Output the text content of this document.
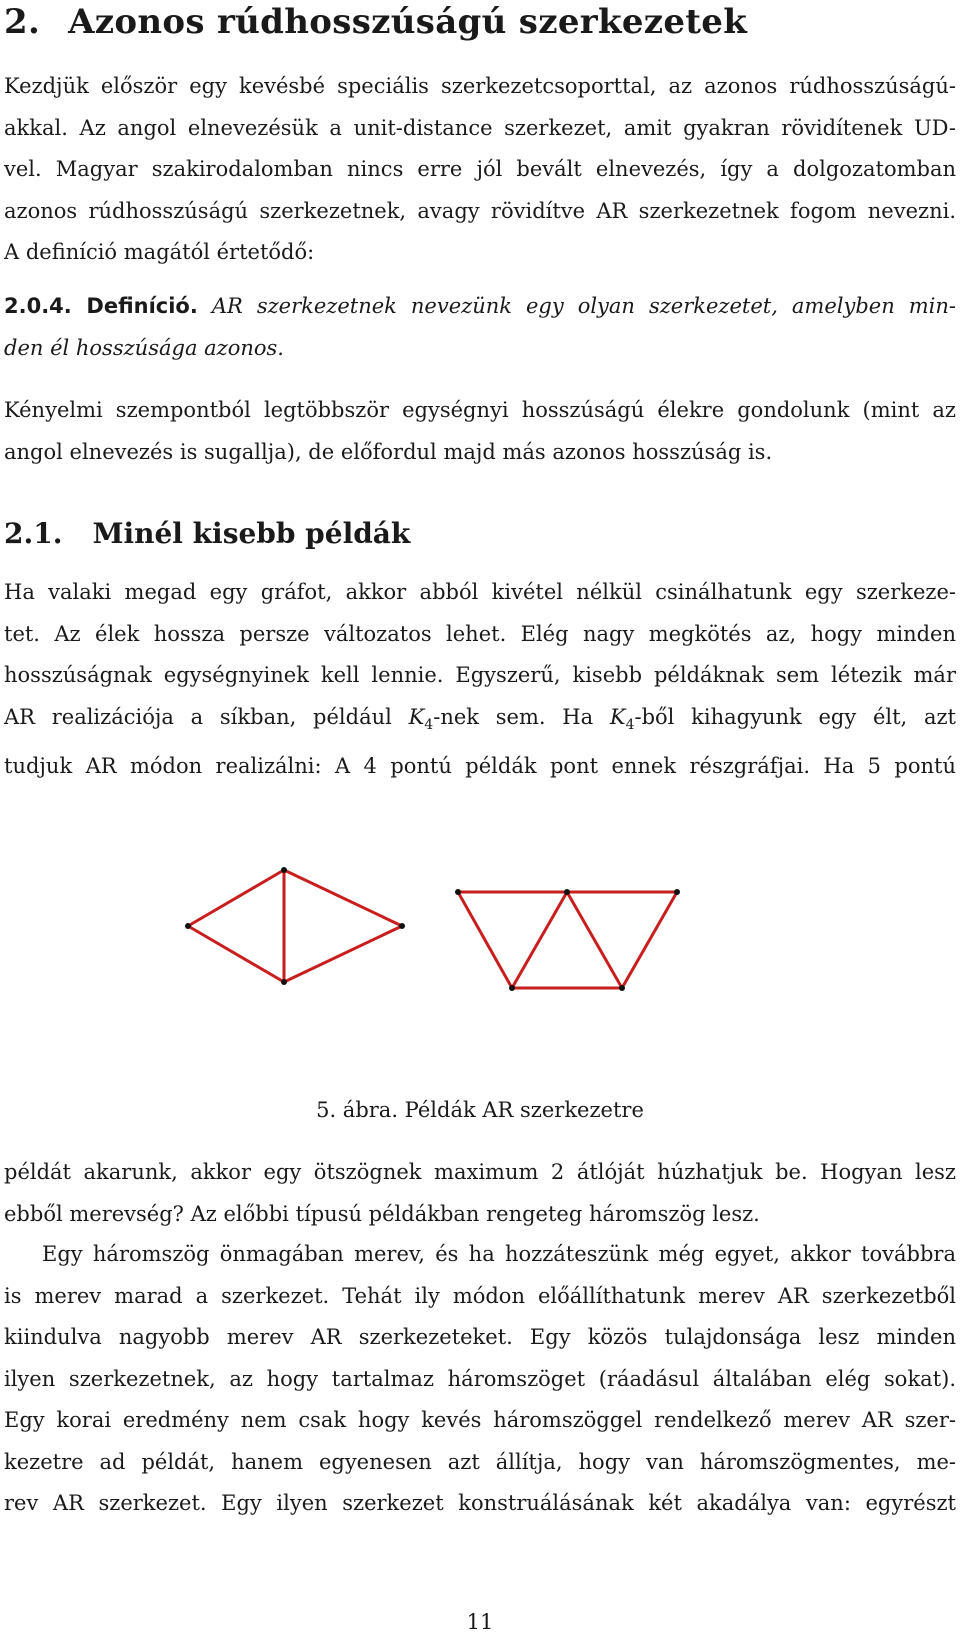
2. Azonos rúdhosszúságú szerkezetek
Kezdjük először egy kevésbé speciális szerkezetcsoporttal, az azonos rúdhosszúságú-
akkal. Az angol elnevezésük a unit-distance szerkezet, amit gyakran rövidítenek UD-
vel. Magyar szakirodalomban nincs erre jól bevált elnevezés, így a dolgozatomban
azonos rúdhosszúságú szerkezetnek, avagy rövidítve AR szerkezetnek fogom nevezni.
A definíció magától értetődő:
2.0.4. Definíció. AR szerkezetnek nevezünk egy olyan szerkezetet, amelyben min-
den él hosszúsága azonos.
Kényelmi szempontból legtöbbször egységnyi hosszúságú élekre gondolunk (mint az
angol elnevezés is sugallja), de előfordul majd más azonos hosszúság is.
2.1. Minél kisebb példák
Ha valaki megad egy gráfot, akkor abból kivétel nélkül csinálhatunk egy szerkeze-
tet. Az élek hossza persze változatos lehet. Elég nagy megkötés az, hogy minden
hosszúságnak egységnyinek kell lennie. Egyszerű, kisebb példáknak sem létezik már
AR realizációja a síkban, például $K_4$-nek sem. Ha $K_4$-ből kihagyunk egy élt, azt
tudjuk AR módon realizálni: A 4 pontú példák pont ennek részgráfjai. Ha 5 pontú
5. ábra. Példák AR szerkezetre
példát akarunk, akkor egy ötszögnek maximum 2 átlóját húzhatjuk be. Hogyan lesz
ebből merevség? Az előbbi típusú példákban rengeteg háromszög lesz.
Egy háromszög önmagában merev, és ha hozzáteszünk még egyet, akkor továbbra
is merev marad a szerkezet. Tehát ily módon előállíthatunk merev AR szerkezetből
kiindulva nagyobb merev AR szerkezeteket. Egy közös tulajdonsága lesz minden
ilyen szerkezetnek, az hogy tartalmaz háromszöget (ráadásul általában elég sokat).
Egy korai eredmény nem csak hogy kevés háromszöggel rendelkező merev AR szer-
kezetre ad példát, hanem egyenesen azt állítja, hogy van háromszögmentes, me-
rev AR szerkezet. Egy ilyen szerkezet konstruálásának két akadálya van: egyrészt
11
